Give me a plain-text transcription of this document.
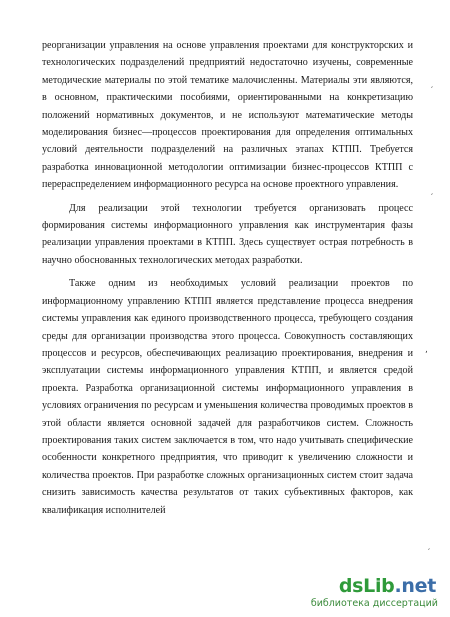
реорганизации управления на основе управления проектами для конструкторских и технологических подразделений предприятий недостаточно изучены, современные методические материалы по этой тематике малочисленны. Материалы эти являются, в основном, практическими пособиями, ориентированными на конкретизацию положений нормативных документов, и не используют математические методы моделирования бизнес—процессов проектирования для определения оптимальных условий деятельности подразделений на различных этапах КТПП. Требуется разработка инновационной методологии оптимизации бизнес-процессов КТПП с перераспределением информационного ресурса на основе проектного управления.

Для реализации этой технологии требуется организовать процесс формирования системы информационного управления как инструментария фазы реализации управления проектами в КТПП. Здесь существует острая потребность в научно обоснованных технологических методах разработки.

Также одним из необходимых условий реализации проектов по информационному управлению КТПП является представление процесса внедрения системы управления как единого производственного процесса, требующего создания среды для организации производства этого процесса. Совокупность составляющих процессов и ресурсов, обеспечивающих реализацию проектирования, внедрения и эксплуатации системы информационного управления КТПП, и является средой проекта. Разработка организационной системы информационного управления в условиях ограничения по ресурсам и уменьшения количества проводимых проектов в этой области является основной задачей для разработчиков систем. Сложность проектирования таких систем заключается в том, что надо учитывать специфические особенности конкретного предприятия, что приводит к увеличению сложности и количества проектов. При разработке сложных организационных систем стоит задача снизить зависимость качества результатов от таких субъективных факторов, как квалификация исполнителей

′
′
,
′
dsLib.net
библиотека диссертаций
